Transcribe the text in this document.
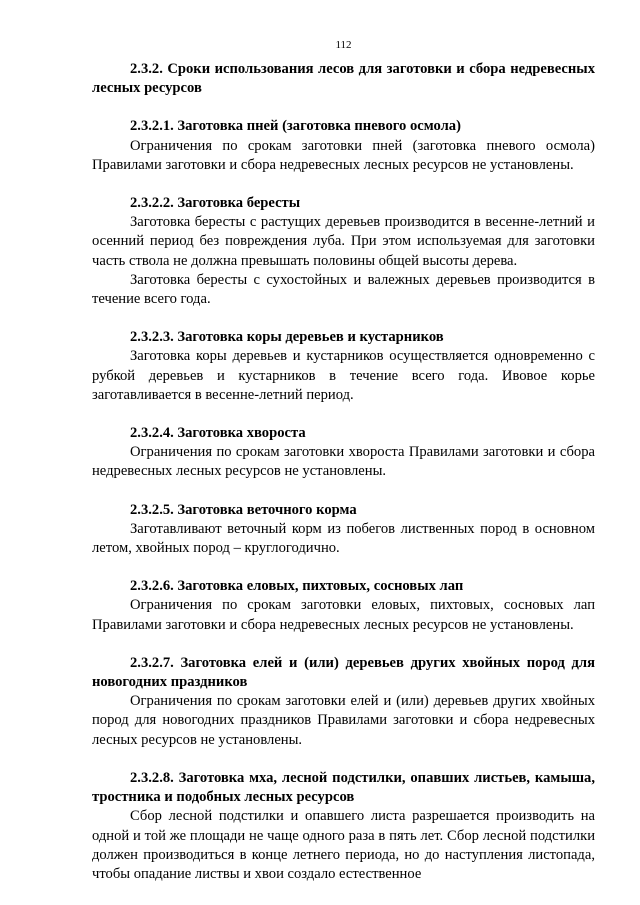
112

2.3.2. Сроки использования лесов для заготовки и сбора недревесных лесных ресурсов

2.3.2.1. Заготовка пней (заготовка пневого осмола)

Ограничения по срокам заготовки пней (заготовка пневого осмола) Правилами заготовки и сбора недревесных лесных ресурсов не установлены.

2.3.2.2. Заготовка бересты

Заготовка бересты с растущих деревьев производится в весенне-летний и осенний период без повреждения луба. При этом используемая для заготовки часть ствола не должна превышать половины общей высоты дерева.

Заготовка бересты с сухостойных и валежных деревьев производится в течение всего года.

2.3.2.3. Заготовка коры деревьев и кустарников

Заготовка коры деревьев и кустарников осуществляется одновременно с рубкой деревьев и кустарников в течение всего года. Ивовое корье заготавливается в весенне-летний период.

2.3.2.4. Заготовка хвороста

Ограничения по срокам заготовки хвороста Правилами заготовки и сбора недревесных лесных ресурсов не установлены.

2.3.2.5. Заготовка веточного корма

Заготавливают веточный корм из побегов лиственных пород в основном летом, хвойных пород – круглогодично.

2.3.2.6. Заготовка еловых, пихтовых, сосновых лап

Ограничения по срокам заготовки еловых, пихтовых, сосновых лап Правилами заготовки и сбора недревесных лесных ресурсов не установлены.

2.3.2.7. Заготовка елей и (или) деревьев других хвойных пород для новогодних праздников

Ограничения по срокам заготовки елей и (или) деревьев других хвойных пород для новогодних праздников Правилами заготовки и сбора недревесных лесных ресурсов не установлены.

2.3.2.8. Заготовка мха, лесной подстилки, опавших листьев, камыша, тростника и подобных лесных ресурсов

Сбор лесной подстилки и опавшего листа разрешается производить на одной и той же площади не чаще одного раза в пять лет. Сбор лесной подстилки должен производиться в конце летнего периода, но до наступления листопада, чтобы опадание листвы и хвои создало естественное
